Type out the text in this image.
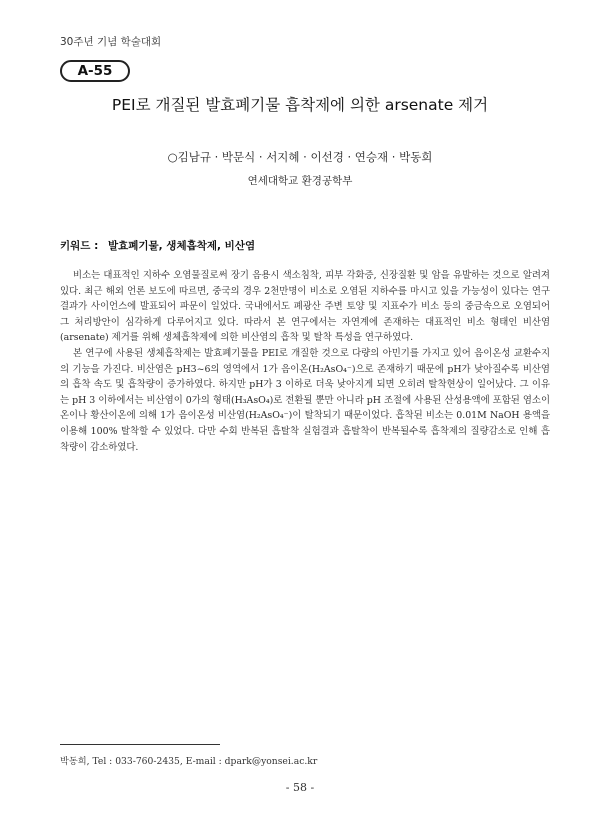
30주년 기념 학술대회
A-55
PEI로 개질된 발효폐기물 흡착제에 의한 arsenate 제거
○김남규 · 박문식 · 서지혜 · 이선경 · 연승재 · 박동희
연세대학교 환경공학부
키워드 : 발효폐기물, 생체흡착제, 비산염

비소는 대표적인 지하수 오염물질로써 장기 음용시 색소침착, 피부 각화증, 신장질환 및 암을 유발하는 것으로 알려져 있다. 최근 해외 언론 보도에 따르면, 중국의 경우 2천만명이 비소로 오염된 지하수를 마시고 있을 가능성이 있다는 연구 결과가 사이언스에 발표되어 파문이 일었다. 국내에서도 폐광산 주변 토양 및 지표수가 비소 등의 중금속으로 오염되어 그 처리방안이 심각하게 다루어지고 있다. 따라서 본 연구에서는 자연계에 존재하는 대표적인 비소 형태인 비산염(arsenate) 제거를 위해 생체흡착제에 의한 비산염의 흡착 및 탈착 특성을 연구하였다.

본 연구에 사용된 생체흡착제는 발효폐기물을 PEI로 개질한 것으로 다량의 아민기를 가지고 있어 음이온성 교환수지의 기능을 가진다. 비산염은 pH3~6의 영역에서 1가 음이온(H₂AsO₄⁻)으로 존재하기 때문에 pH가 낮아질수록 비산염의 흡착 속도 및 흡착량이 증가하였다. 하지만 pH가 3 이하로 더욱 낮아지게 되면 오히려 탈착현상이 일어났다. 그 이유는 pH 3 이하에서는 비산염이 0가의 형태(H₃AsO₄)로 전환될 뿐만 아니라 pH 조절에 사용된 산성용액에 포함된 염소이온이나 황산이온에 의해 1가 음이온성 비산염(H₂AsO₄⁻)이 탈착되기 때문이었다. 흡착된 비소는 0.01M NaOH 용액을 이용해 100% 탈착할 수 있었다. 다만 수회 반복된 흡탈착 실험결과 흡탈착이 반복될수록 흡착제의 질량감소로 인해 흡착량이 감소하였다.

박동희, Tel : 033-760-2435, E-mail : dpark@yonsei.ac.kr
- 58 -
